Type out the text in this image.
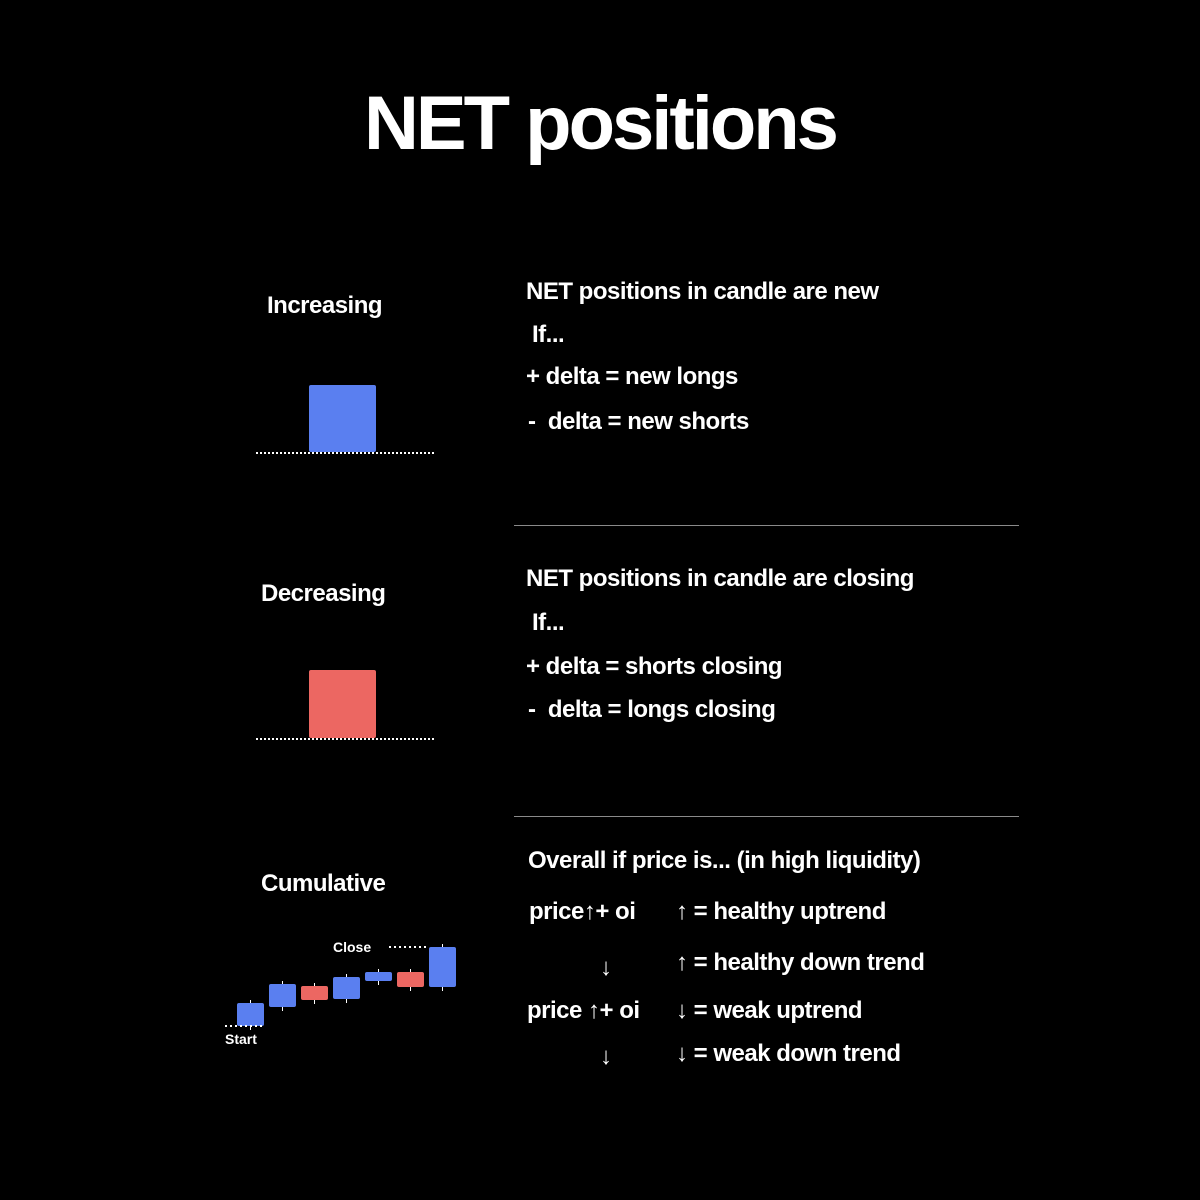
NET positions
Increasing
NET positions in candle are new
If...
+ delta = new longs
-  delta = new shorts
Decreasing
NET positions in candle are closing
If...
+ delta = shorts closing
-  delta = longs closing
Cumulative
Close
Start
Overall if price is... (in high liquidity)
price↑+ oi ↑ = healthy uptrend
↓	↑ = healthy down trend
price ↑+ oi ↓ = weak uptrend
↓	↓ = weak down trend
